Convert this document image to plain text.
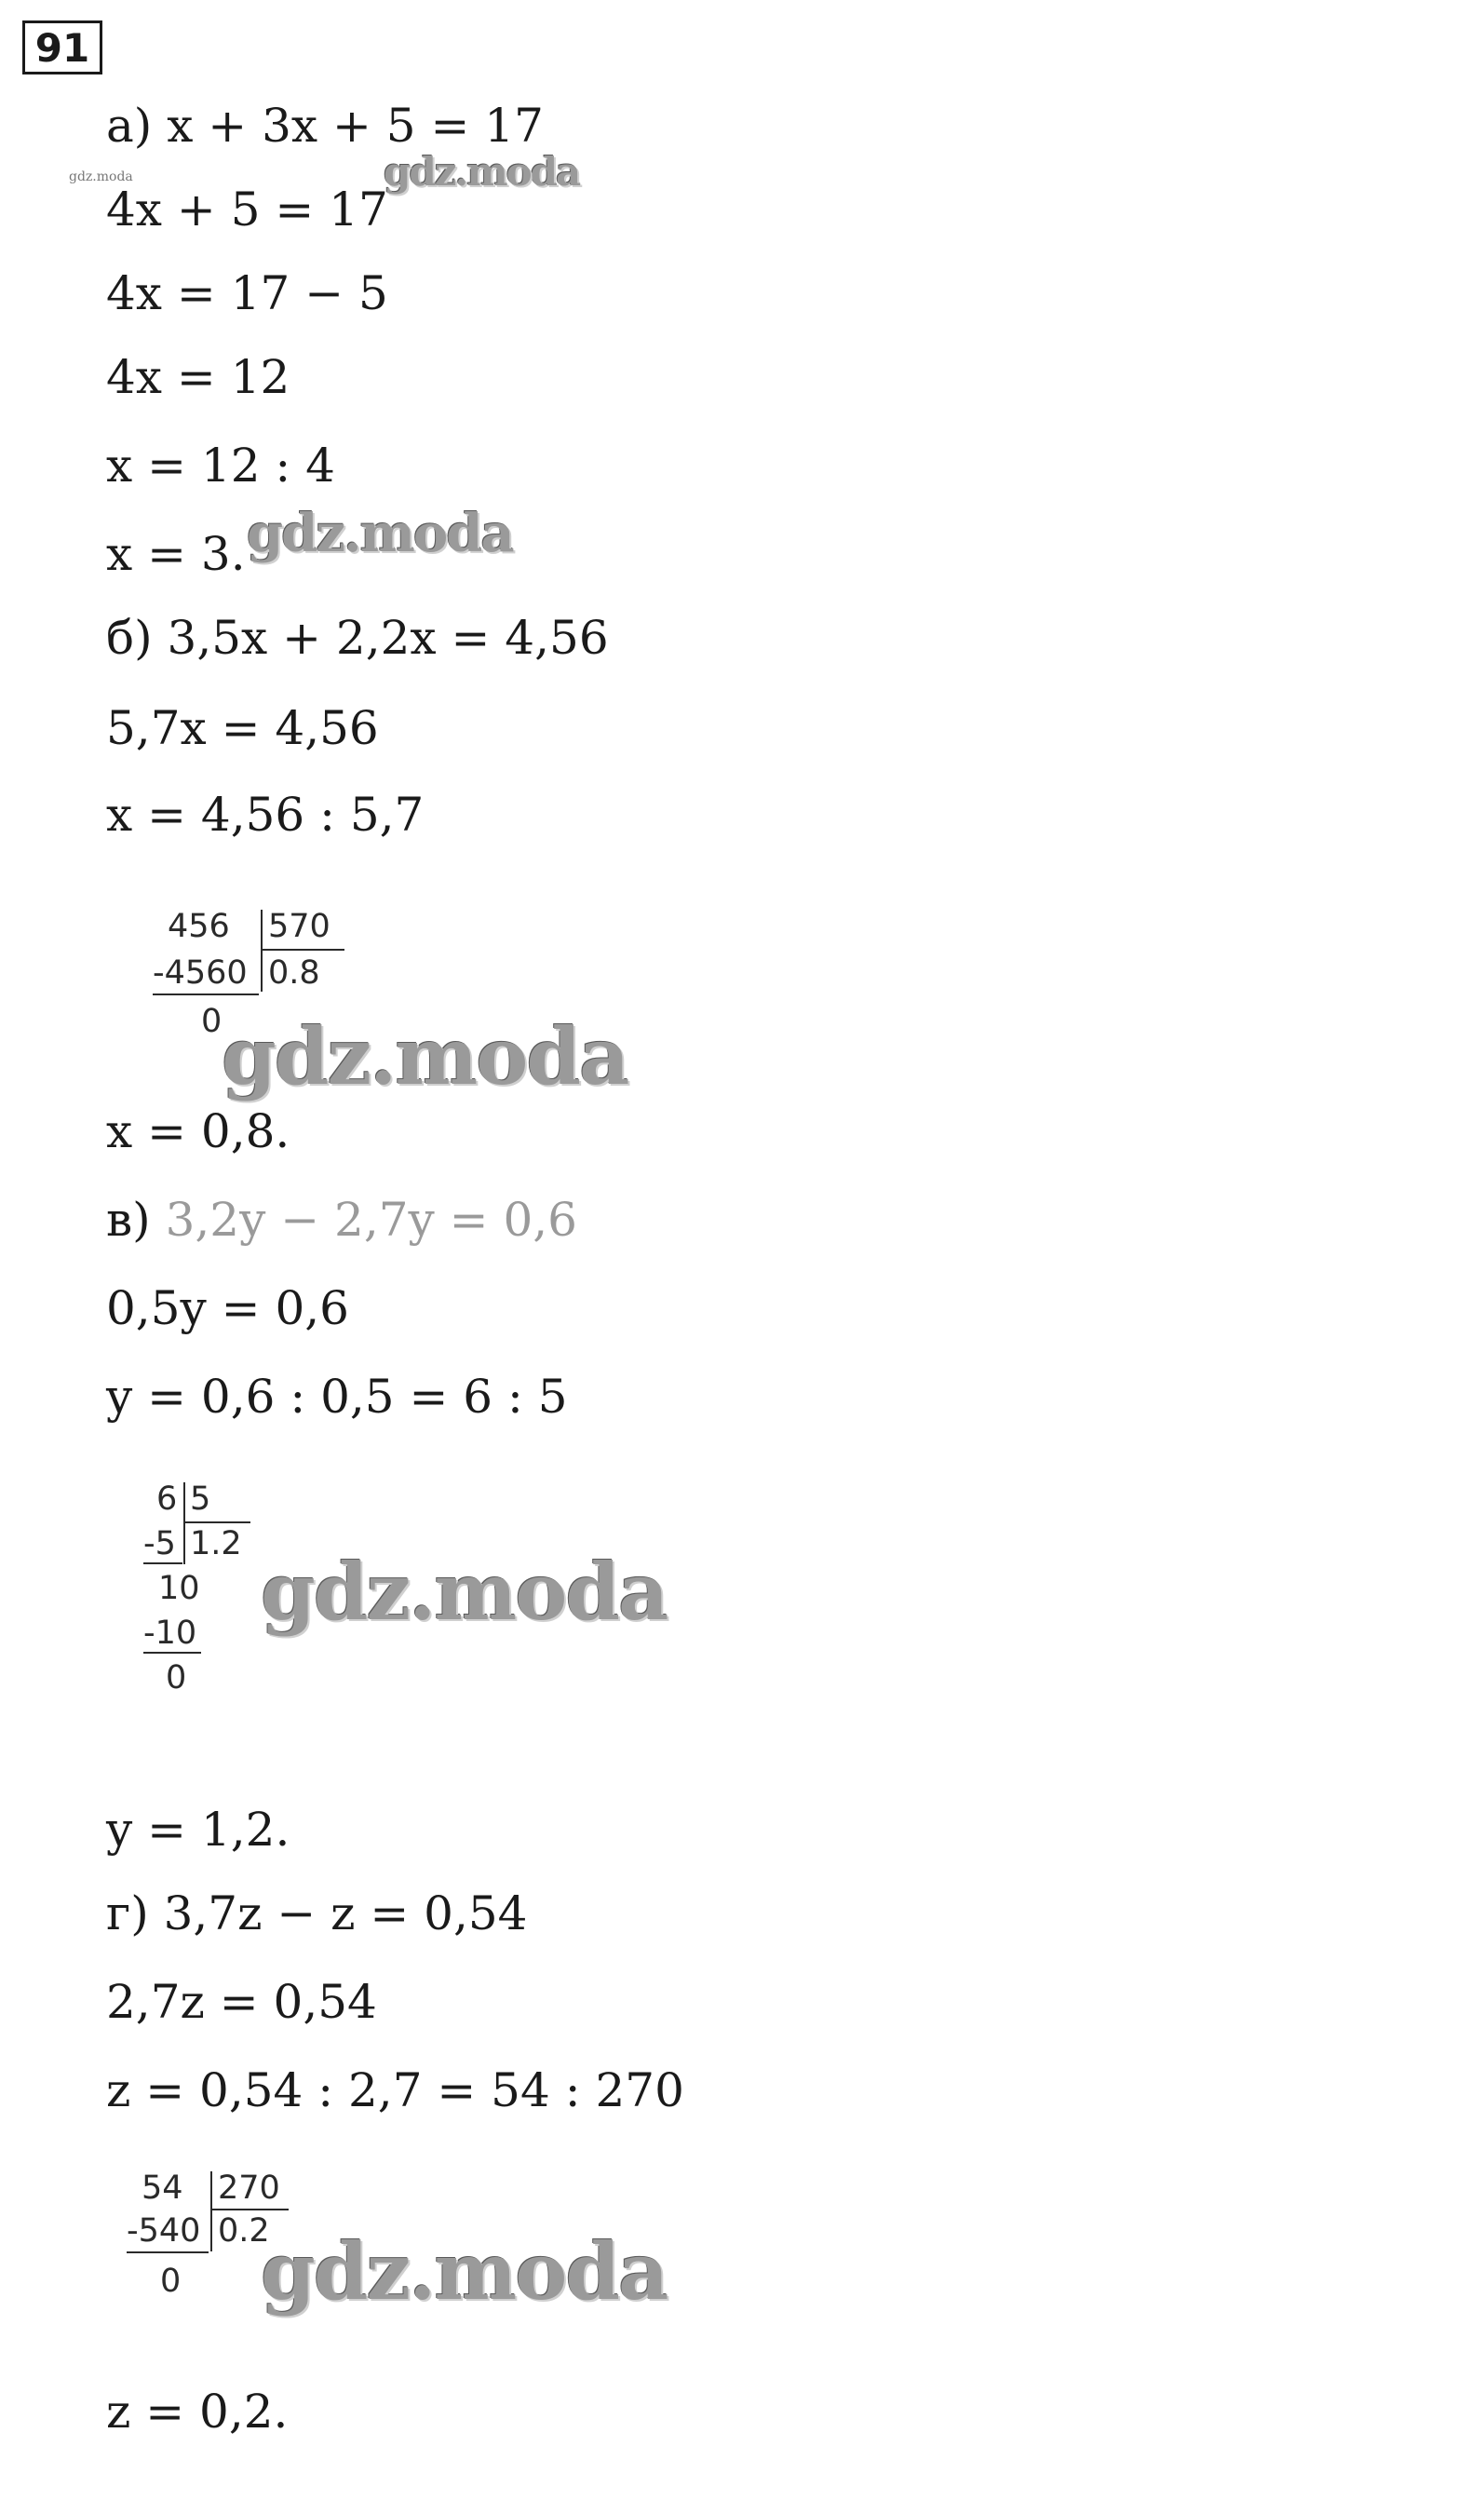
91
а) x + 3x + 5 = 17
4x + 5 = 17
4x = 17 − 5
4x = 12
x = 12 : 4
x = 3.
б) 3,5x + 2,2x = 4,56
5,7x = 4,56
x = 4,56 : 5,7
456 570
-4560 0.8
0
x = 0,8.
в) 3,2y − 2,7y = 0,6
0,5y = 0,6
y = 0,6 : 0,5 = 6 : 5
6 5
-5 1.2
10
-10
0
y = 1,2.
г) 3,7z − z = 0,54
2,7z = 0,54
z = 0,54 : 2,7 = 54 : 270
54 270
-540 0.2
0
z = 0,2.
gdz.moda	gdz.moda
gdz.moda
gdz.moda
gdz.moda
gdz.moda
